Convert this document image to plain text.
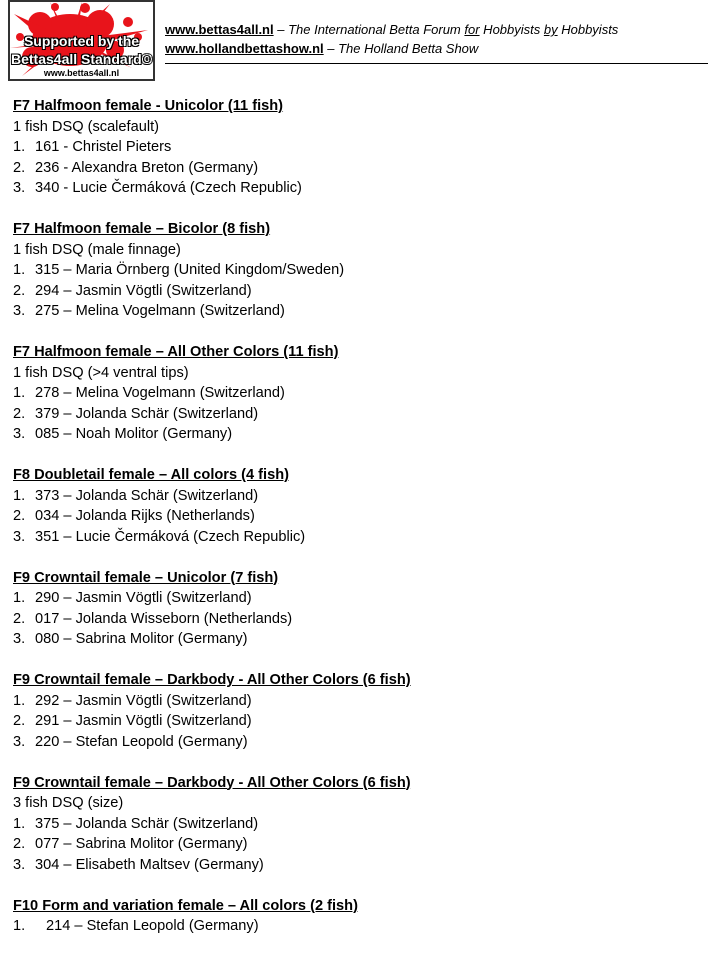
Supported by the
Bettas4all Standard©
www.bettas4all.nl
www.bettas4all.nl – The International Betta Forum for Hobbyists by Hobbyists
www.hollandbettashow.nl – The Holland Betta Show
F7 Halfmoon female - Unicolor (11 fish)
1 fish DSQ (scalefault)
1. 161 - Christel Pieters
2. 236 - Alexandra Breton (Germany)
3. 340 - Lucie Čermáková (Czech Republic)
F7 Halfmoon female – Bicolor (8 fish)
1 fish DSQ (male finnage)
1. 315 – Maria Örnberg (United Kingdom/Sweden)
2. 294 – Jasmin Vögtli (Switzerland)
3. 275 – Melina Vogelmann (Switzerland)
F7 Halfmoon female – All Other Colors (11 fish)
1 fish DSQ (>4 ventral tips)
1. 278 – Melina Vogelmann (Switzerland)
2. 379 – Jolanda Schär (Switzerland)
3. 085 – Noah Molitor (Germany)
F8 Doubletail female – All colors (4 fish)
1. 373 – Jolanda Schär (Switzerland)
2. 034 – Jolanda Rijks (Netherlands)
3. 351 – Lucie Čermáková (Czech Republic)
F9 Crowntail female – Unicolor (7 fish)
1. 290 – Jasmin Vögtli (Switzerland)
2. 017 – Jolanda Wisseborn (Netherlands)
3. 080 – Sabrina Molitor (Germany)
F9 Crowntail female – Darkbody - All Other Colors (6 fish)
1. 292 – Jasmin Vögtli (Switzerland)
2. 291 – Jasmin Vögtli (Switzerland)
3. 220 – Stefan Leopold (Germany)
F9 Crowntail female – Darkbody - All Other Colors (6 fish)
3 fish DSQ (size)
1. 375 – Jolanda Schär (Switzerland)
2. 077 – Sabrina Molitor (Germany)
3. 304 – Elisabeth Maltsev (Germany)
F10 Form and variation female – All colors (2 fish)
1. 214 – Stefan Leopold (Germany)
